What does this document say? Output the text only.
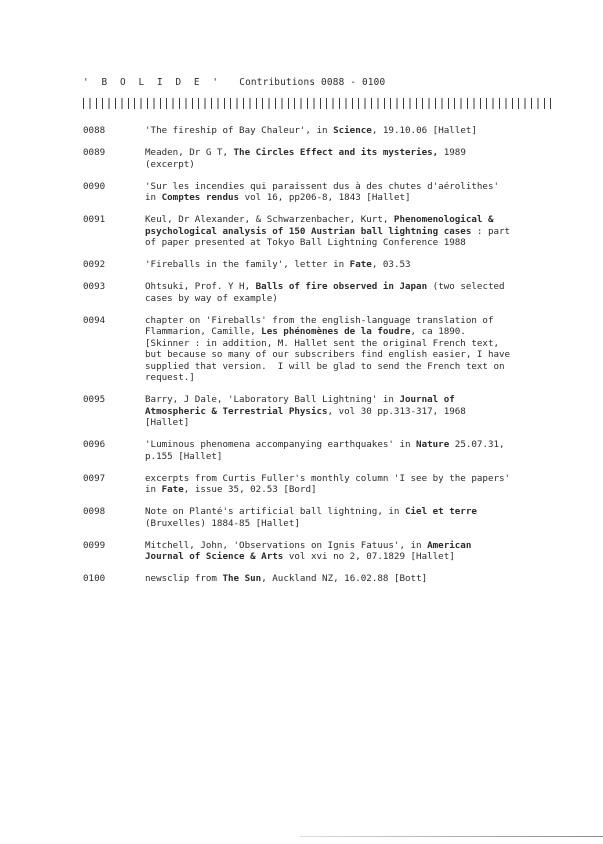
' B O L I D E ' Contributions 0088 - 0100
0088	'The fireship of Bay Chaleur', in Science, 19.10.06 [Hallet]
0089	Meaden, Dr G T, The Circles Effect and its mysteries, 1989
(excerpt)
0090	'Sur les incendies qui paraissent dus à des chutes d'aérolithes'
in Comptes rendus vol 16, pp206-8, 1843 [Hallet]
0091	Keul, Dr Alexander, & Schwarzenbacher, Kurt, Phenomenological &
psychological analysis of 150 Austrian ball lightning cases : part
of paper presented at Tokyo Ball Lightning Conference 1988
0092	'Fireballs in the family', letter in Fate, 03.53
0093	Ohtsuki, Prof. Y H, Balls of fire observed in Japan (two selected
cases by way of example)
0094	chapter on 'Fireballs' from the english-language translation of
Flammarion, Camille, Les phénomènes de la foudre, ca 1890.
[Skinner : in addition, M. Hallet sent the original French text,
but because so many of our subscribers find english easier, I have
supplied that version.  I will be glad to send the French text on
request.]
0095	Barry, J Dale, 'Laboratory Ball Lightning' in Journal of
Atmospheric & Terrestrial Physics, vol 30 pp.313-317, 1968
[Hallet]
0096	'Luminous phenomena accompanying earthquakes' in Nature 25.07.31,
p.155 [Hallet]
0097	excerpts from Curtis Fuller's monthly column 'I see by the papers'
in Fate, issue 35, 02.53 [Bord]
0098	Note on Planté's artificial ball lightning, in Ciel et terre
(Bruxelles) 1884-85 [Hallet]
0099	Mitchell, John, 'Observations on Ignis Fatuus', in American
Journal of Science & Arts vol xvi no 2, 07.1829 [Hallet]
0100	newsclip from The Sun, Auckland NZ, 16.02.88 [Bott]
